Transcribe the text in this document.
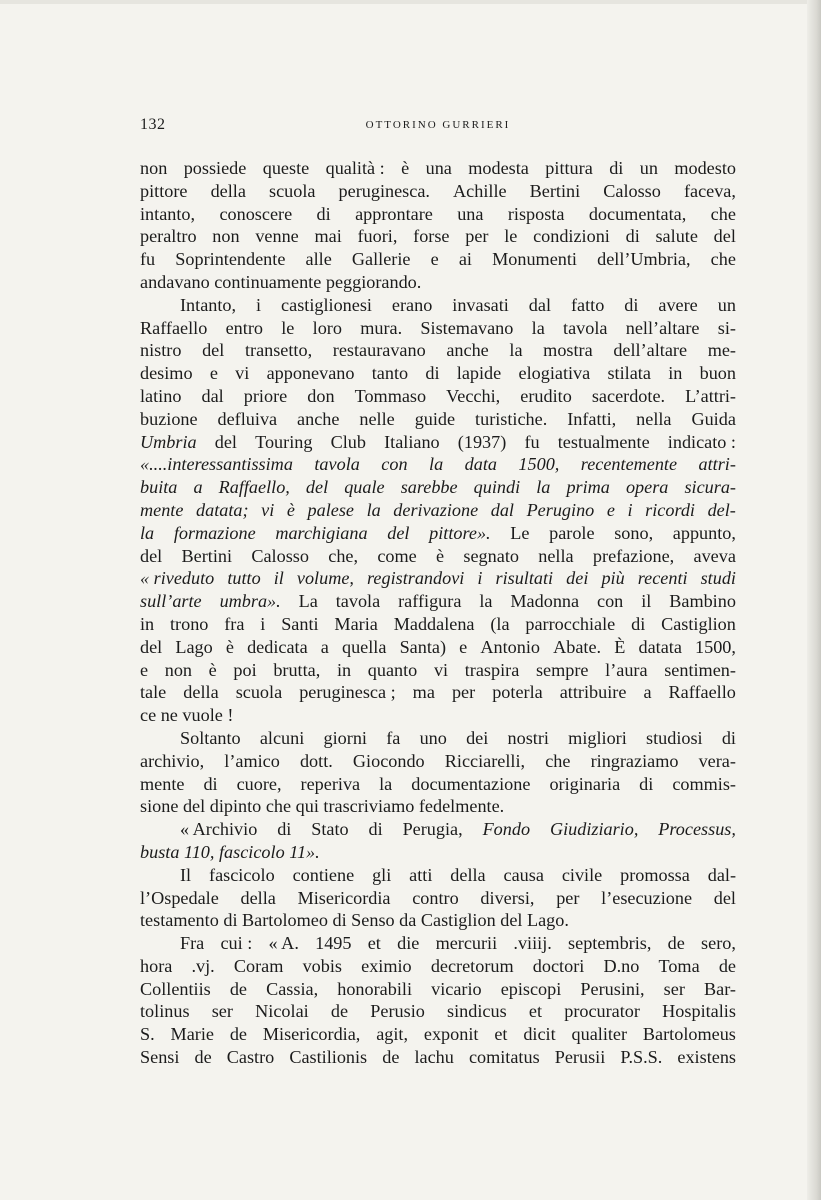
132	OTTORINO GURRIERI
non possiede queste qualità : è una modesta pittura di un modesto
pittore della scuola peruginesca. Achille Bertini Calosso faceva,
intanto, conoscere di approntare una risposta documentata, che
peraltro non venne mai fuori, forse per le condizioni di salute del
fu Soprintendente alle Gallerie e ai Monumenti dell’Umbria, che
andavano
continuamente
peggiorando.
Intanto, i castiglionesi erano invasati dal fatto di avere un
Raffaello entro le loro mura. Sistemavano la tavola nell’altare si-
nistro del transetto, restauravano anche la mostra dell’altare me-
desimo e vi apponevano tanto di lapide elogiativa stilata in buon
latino dal priore don Tommaso Vecchi, erudito sacerdote. L’attri-
buzione defluiva anche nelle guide turistiche. Infatti, nella Guida
Umbria del Touring Club Italiano (1937) fu testualmente indicato :
«....interessantissima tavola con la data 1500, recentemente attri-
buita a Raffaello, del quale sarebbe quindi la prima opera sicura-
mente datata; vi è palese la derivazione dal Perugino e i ricordi del-
la formazione marchigiana del pittore». Le parole sono, appunto,
del Bertini Calosso che, come è segnato nella prefazione, aveva
« riveduto tutto il volume, registrandovi i risultati dei più recenti studi
sull’arte umbra». La tavola raffigura la Madonna con il Bambino
in trono fra i Santi Maria Maddalena (la parrocchiale di Castiglion
del Lago è dedicata a quella Santa) e Antonio Abate. È datata 1500,
e non è poi brutta, in quanto vi traspira sempre l’aura sentimen-
tale della scuola peruginesca ; ma per poterla attribuire a Raffaello
ce
ne
vuole !
Soltanto alcuni giorni fa uno dei nostri migliori studiosi di
archivio, l’amico dott. Giocondo Ricciarelli, che ringraziamo vera-
mente di cuore, reperiva la documentazione originaria di commis-
sione
del
dipinto
che
qui
trascriviamo
fedelmente.
« Archivio di Stato di Perugia, Fondo Giudiziario, Processus,
busta
110,
fascicolo
11».
Il fascicolo contiene gli atti della causa civile promossa dal-
l’Ospedale della Misericordia contro diversi, per l’esecuzione del
testamento
di
Bartolomeo
di
Senso
da
Castiglion
del
Lago.
Fra cui : « A. 1495 et die mercurii .viiij. septembris, de sero,
hora .vj. Coram vobis eximio decretorum doctori D.no Toma de
Collentiis de Cassia, honorabili vicario episcopi Perusini, ser Bar-
tolinus ser Nicolai de Perusio sindicus et procurator Hospitalis
S. Marie de Misericordia, agit, exponit et dicit qualiter Bartolomeus
Sensi de Castro Castilionis de lachu comitatus Perusii P.S.S. existens
